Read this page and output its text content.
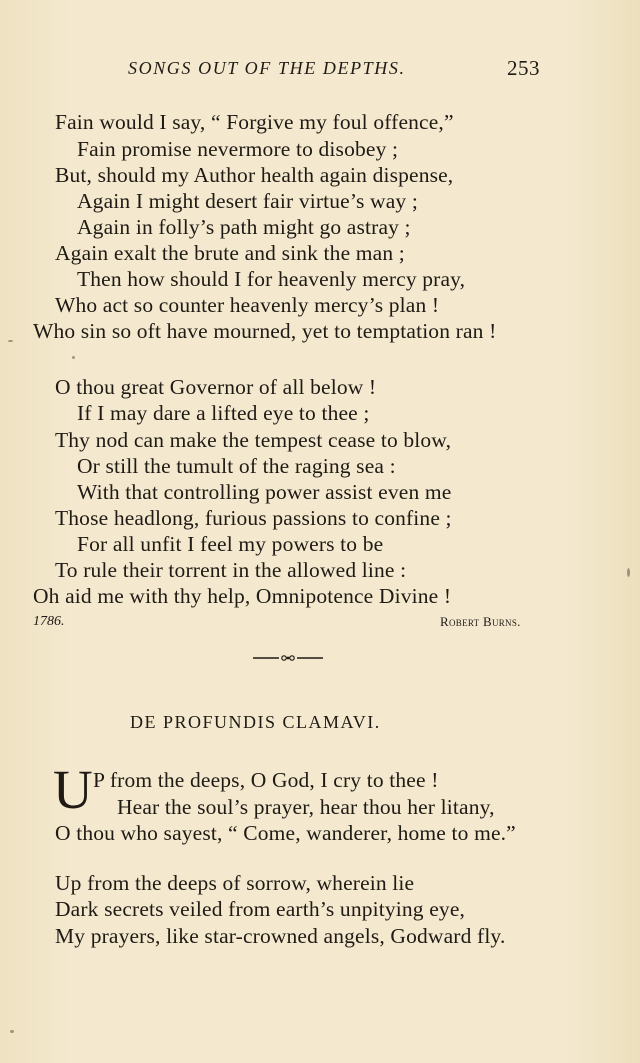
SONGS OUT OF THE DEPTHS.	253
Fain would I say, “ Forgive my foul offence,”
Fain promise nevermore to disobey ;
But, should my Author health again dispense,
Again I might desert fair virtue’s way ;
Again in folly’s path might go astray ;
Again exalt the brute and sink the man ;
Then how should I for heavenly mercy pray,
Who act so counter heavenly mercy’s plan !
Who sin so oft have mourned, yet to temptation ran !
O thou great Governor of all below !
If I may dare a lifted eye to thee ;
Thy nod can make the tempest cease to blow,
Or still the tumult of the raging sea :
With that controlling power assist even me
Those headlong, furious passions to confine ;
For all unfit I feel my powers to be
To rule their torrent in the allowed line :
Oh aid me with thy help, Omnipotence Divine !
1786.	Robert Burns.
DE PROFUNDIS CLAMAVI.
U P from the deeps, O God, I cry to thee !
Hear the soul’s prayer, hear thou her litany,
O thou who sayest, “ Come, wanderer, home to me.”
Up from the deeps of sorrow, wherein lie
Dark secrets veiled from earth’s unpitying eye,
My prayers, like star-crowned angels, Godward fly.
